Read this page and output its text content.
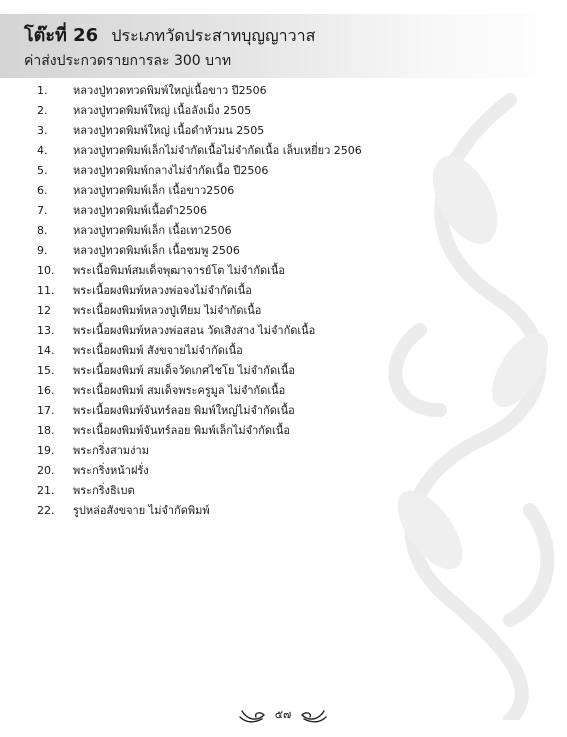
โต๊ะที่ 26 ประเภทวัดประสาทบุญญาวาส
ค่าส่งประกวดรายการละ 300 บาท
1.	หลวงปู่ทวดทวดพิมพ์ใหญ่เนื้อขาว ปี2506
2.	หลวงปู่ทวดพิมพ์ใหญ่ เนื้อลังเม็ง 2505
3.	หลวงปู่ทวดพิมพ์ใหญ่ เนื้อดำหัวมน 2505
4.	หลวงปู่ทวดพิมพ์เล็กไม่จำกัดเนื้อไม่จำกัดเนื้อ เล็บเหยี่ยว 2506
5.	หลวงปู่ทวดพิมพ์กลางไม่จำกัดเนื้อ ปี2506
6.	หลวงปู่ทวดพิมพ์เล็ก เนื้อขาว2506
7.	หลวงปู่ทวดพิมพ์เนื้อดำ2506
8.	หลวงปู่ทวดพิมพ์เล็ก เนื้อเทา2506
9.	หลวงปู่ทวดพิมพ์เล็ก เนื้อชมพู 2506
10.	พระเนื้อพิมพ์สมเด็จพุฒาจารย์โต ไม่จำกัดเนื้อ
11.	พระเนื้อผงพิมพ์หลวงพ่อจงไม่จำกัดเนื้อ
12	พระเนื้อผงพิมพ์หลวงปู่เทียม ไม่จำกัดเนื้อ
13.	พระเนื้อผงพิมพ์หลวงพ่อสอน วัดเสิงสาง ไม่จำกัดเนื้อ
14.	พระเนื้อผงพิมพ์ สังขจายไม่จำกัดเนื้อ
15.	พระเนื้อผงพิมพ์ สมเด็จวัดเกศไชโย ไม่จำกัดเนื้อ
16.	พระเนื้อผงพิมพ์ สมเด็จพระครูมูล ไม่จำกัดเนื้อ
17.	พระเนื้อผงพิมพ์จันทร์ลอย พิมพ์ใหญ่ไม่จำกัดเนื้อ
18.	พระเนื้อผงพิมพ์จันทร์ลอย พิมพ์เล็กไม่จำกัดเนื้อ
19.	พระกริ่งสามง่าม
20.	พระกริ่งหน้าฝรั่ง
21.	พระกริ่งธิเบต
22.	รูปหล่อสังขจาย ไม่จำกัดพิมพ์
๕๗
